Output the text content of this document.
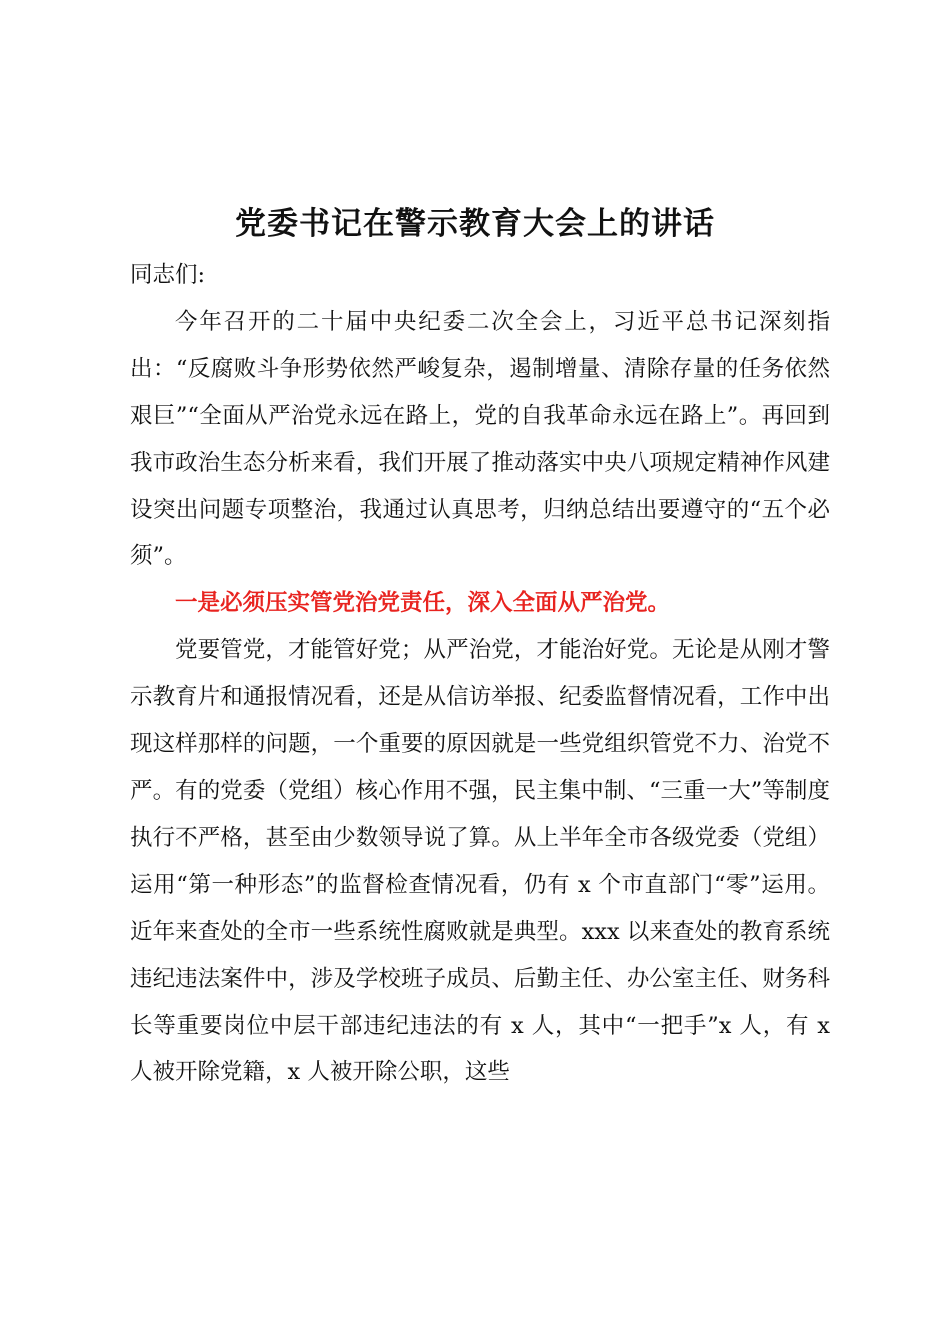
党委书记在警示教育大会上的讲话

同志们:

今年召开的二十届中央纪委二次全会上，习近平总书记深刻指出：“反腐败斗争形势依然严峻复杂，遏制增量、清除存量的任务依然艰巨”“全面从严治党永远在路上，党的自我革命永远在路上”。再回到我市政治生态分析来看，我们开展了推动落实中央八项规定精神作风建设突出问题专项整治，我通过认真思考，归纳总结出要遵守的“五个必须”。

一是必须压实管党治党责任，深入全面从严治党。

党要管党，才能管好党；从严治党，才能治好党。无论是从刚才警示教育片和通报情况看，还是从信访举报、纪委监督情况看，工作中出现这样那样的问题，一个重要的原因就是一些党组织管党不力、治党不严。有的党委（党组）核心作用不强，民主集中制、“三重一大”等制度执行不严格，甚至由少数领导说了算。从上半年全市各级党委（党组）运用“第一种形态”的监督检查情况看，仍有 x 个市直部门“零”运用。近年来查处的全市一些系统性腐败就是典型。xxx 以来查处的教育系统违纪违法案件中，涉及学校班子成员、后勤主任、办公室主任、财务科长等重要岗位中层干部违纪违法的有 x 人，其中“一把手”x 人，有 x 人被开除党籍，x 人被开除公职，这些
